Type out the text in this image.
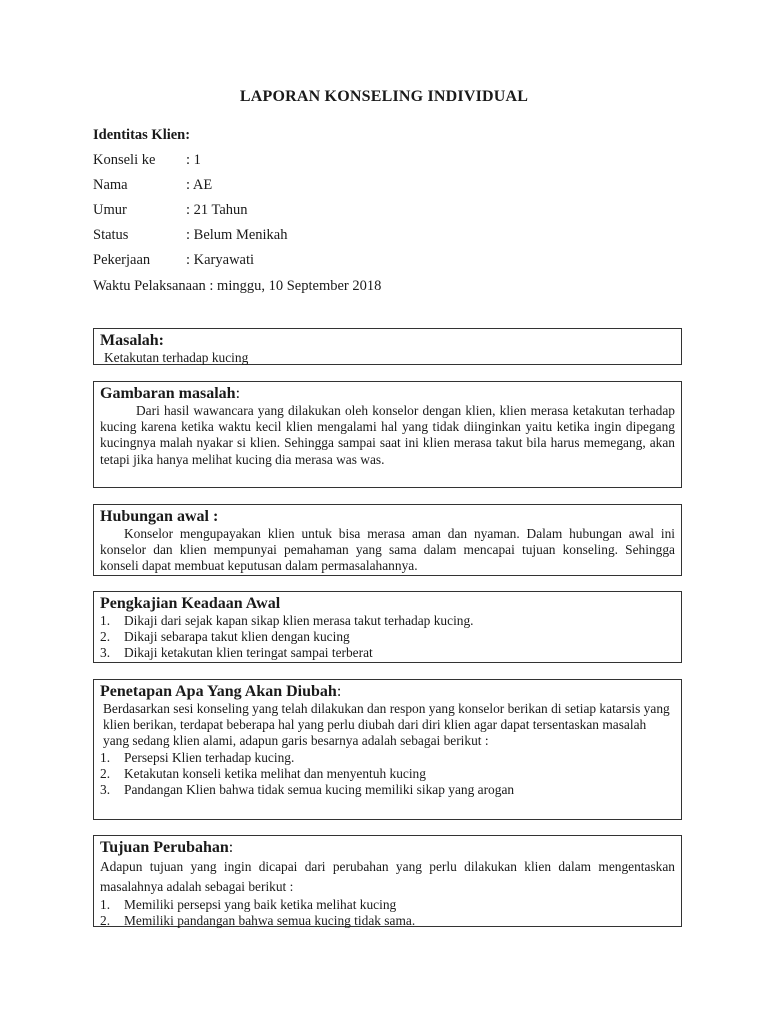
LAPORAN KONSELING INDIVIDUAL
Identitas Klien:
Konseli ke : 1
Nama	: AE
Umur	: 21 Tahun
Status	: Belum Menikah
Pekerjaan : Karyawati
Waktu Pelaksanaan : minggu, 10 September 2018
Masalah:
Ketakutan terhadap kucing
Gambaran masalah:
Dari hasil wawancara yang dilakukan oleh konselor dengan klien, klien merasa ketakutan terhadap kucing karena ketika waktu kecil klien mengalami hal yang tidak diinginkan yaitu ketika ingin dipegang kucingnya malah nyakar si klien. Sehingga sampai saat ini klien merasa takut bila harus memegang, akan tetapi jika hanya melihat kucing dia merasa was was.
Hubungan awal :
Konselor mengupayakan klien untuk bisa merasa aman dan nyaman. Dalam hubungan awal ini konselor dan klien mempunyai pemahaman yang sama dalam mencapai tujuan konseling. Sehingga konseli dapat membuat keputusan dalam permasalahannya.
Pengkajian Keadaan Awal
1.	Dikaji dari sejak kapan sikap klien merasa takut terhadap kucing.
2.	Dikaji sebarapa takut klien dengan kucing
3.	Dikaji ketakutan klien teringat sampai terberat
Penetapan Apa Yang Akan Diubah:
Berdasarkan sesi konseling yang telah dilakukan dan respon yang konselor berikan di setiap katarsis yang klien berikan, terdapat beberapa hal yang perlu diubah dari diri klien agar dapat tersentaskan masalah yang sedang klien alami, adapun garis besarnya adalah sebagai berikut :
1.	Persepsi Klien terhadap kucing.
2.	Ketakutan konseli ketika melihat dan menyentuh kucing
3.	Pandangan Klien bahwa tidak semua kucing memiliki sikap yang arogan
Tujuan Perubahan:
Adapun tujuan yang ingin dicapai dari perubahan yang perlu dilakukan klien dalam mengentaskan masalahnya adalah sebagai berikut :
1.	Memiliki persepsi yang baik ketika melihat kucing
2.	Memiliki pandangan bahwa semua kucing tidak sama.
